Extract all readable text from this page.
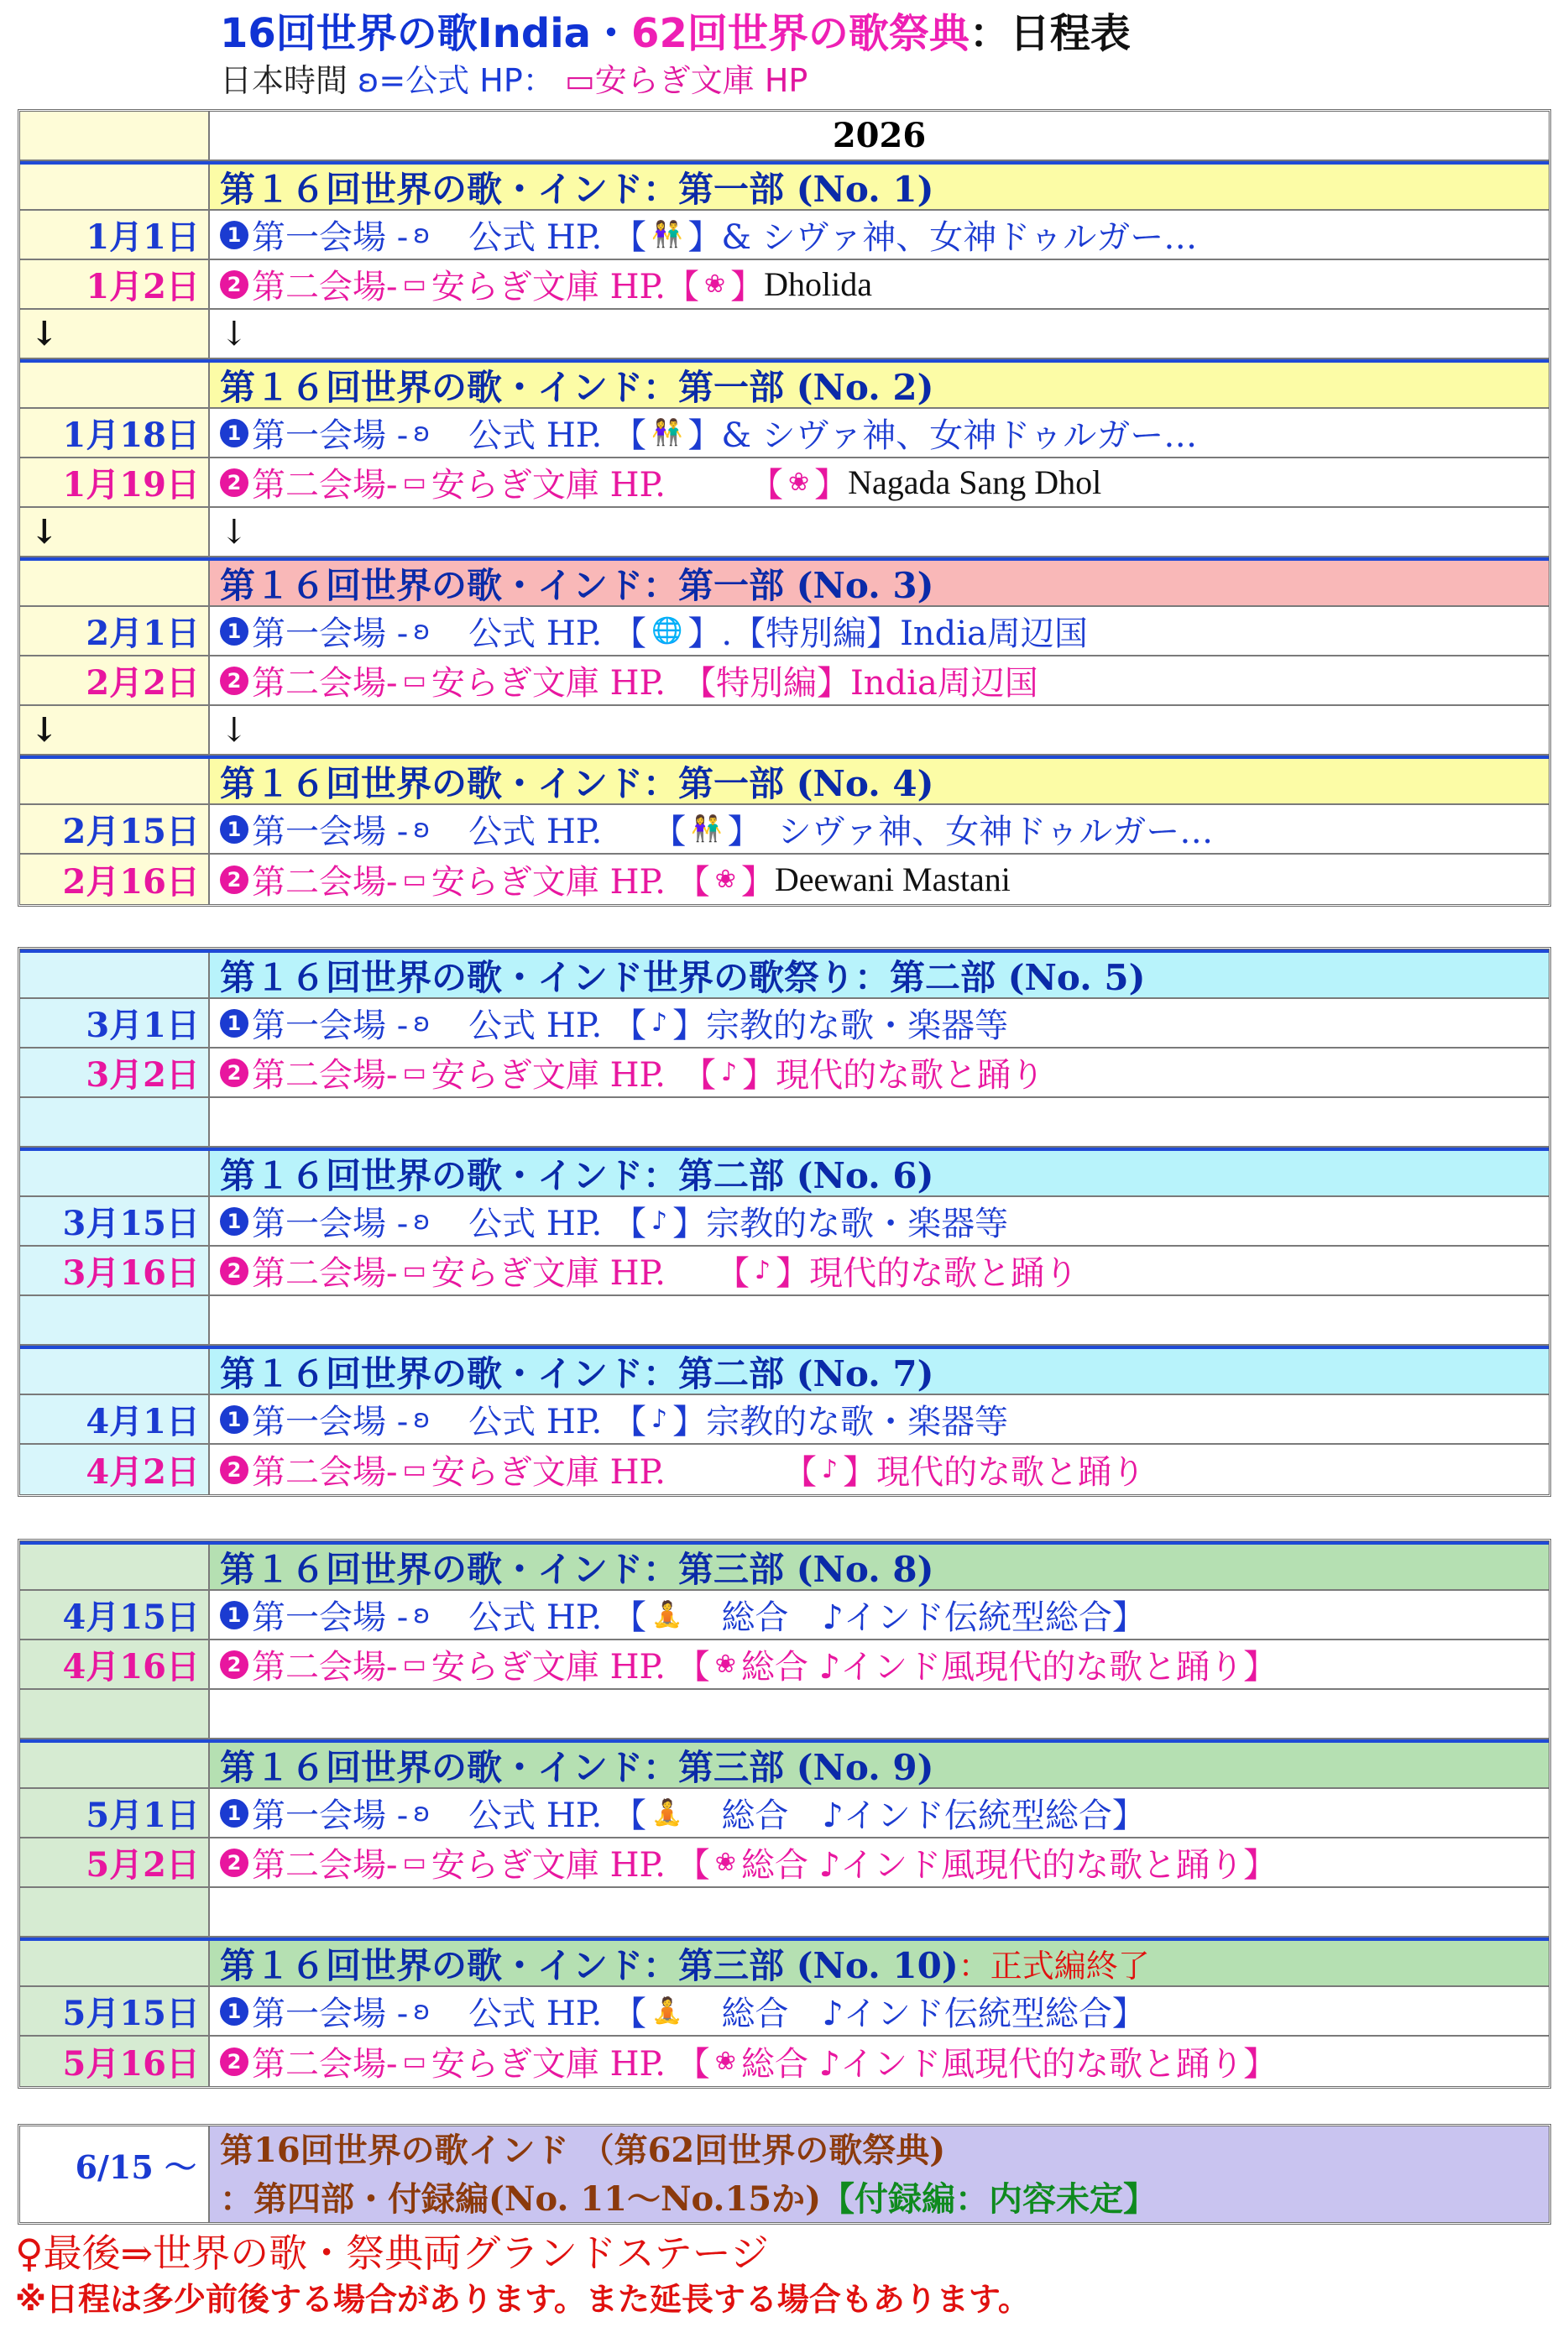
16回世界の歌India・62回世界の歌祭典：日程表
日本時間 ʚ=公式 HP： ▭安らぎ文庫 HP
2026
第１６回世界の歌・インド：第一部 (No. 1)
1月1日	1 第一会場 - ʚ 　公式 HP. 【 👫 】& シヴァ神、女神ドゥルガー…
1月2日	2 第二会場- ▭ 安らぎ文庫 HP.【 ❀ 】 Dholida
↓	↓
第１６回世界の歌・インド：第一部 (No. 2)
1月18日	1 第一会場 - ʚ 　公式 HP. 【 👫 】& シヴァ神、女神ドゥルガー…
1月19日	2 第二会場- ▭ 安らぎ文庫 HP.　　　【 ❀ 】 Nagada Sang Dhol
↓	↓
第１６回世界の歌・インド：第一部 (No. 3)
2月1日	1 第一会場 - ʚ 　公式 HP. 【 🌐 】.【特別編】India周辺国
2月2日	2 第二会場- ▭ 安らぎ文庫 HP.　【特別編】India周辺国
↓	↓
第１６回世界の歌・インド：第一部 (No. 4)
2月15日	1 第一会場 - ʚ 　公式 HP.　　【 👫 】　シヴァ神、女神ドゥルガー…
2月16日	2 第二会場- ▭ 安らぎ文庫 HP. 【 ❀ 】 Deewani Mastani
第１６回世界の歌・インド世界の歌祭り：第二部 (No. 5)
3月1日	1 第一会場 - ʚ 　公式 HP. 【 ♪ 】宗教的な歌・楽器等
3月2日	2 第二会場- ▭ 安らぎ文庫 HP.　【 ♪ 】現代的な歌と踊り
第１６回世界の歌・インド：第二部 (No. 6)
3月15日	1 第一会場 - ʚ 　公式 HP. 【 ♪ 】宗教的な歌・楽器等
3月16日	2 第二会場- ▭ 安らぎ文庫 HP.　　【 ♪ 】現代的な歌と踊り
第１６回世界の歌・インド：第二部 (No. 7)
4月1日	1 第一会場 - ʚ 　公式 HP. 【 ♪ 】宗教的な歌・楽器等
4月2日	2 第二会場- ▭ 安らぎ文庫 HP.　　　　【 ♪ 】現代的な歌と踊り
第１６回世界の歌・インド：第三部 (No. 8)
4月15日	1 第一会場 - ʚ 　公式 HP. 【 🧘 　総合　♪インド伝統型総合】
4月16日	2 第二会場- ▭ 安らぎ文庫 HP. 【 ❀ 総合 ♪インド風現代的な歌と踊り】
第１６回世界の歌・インド：第三部 (No. 9)
5月1日	1 第一会場 - ʚ 　公式 HP. 【 🧘 　総合　♪インド伝統型総合】
5月2日	2 第二会場- ▭ 安らぎ文庫 HP. 【 ❀ 総合 ♪インド風現代的な歌と踊り】
第１６回世界の歌・インド：第三部 (No. 10) ：正式編終了
5月15日	1 第一会場 - ʚ 　公式 HP. 【 🧘 　総合　♪インド伝統型総合】
5月16日	2 第二会場- ▭ 安らぎ文庫 HP. 【 ❀ 総合 ♪インド風現代的な歌と踊り】
6/15 〜 第16回世界の歌インド （第62回世界の歌祭典)
：第四部・付録編(No. 11〜No.15か)【付録編：内容未定】
♀最後⇒世界の歌・祭典両グランドステージ
※日程は多少前後する場合があります。また延長する場合もあります。
